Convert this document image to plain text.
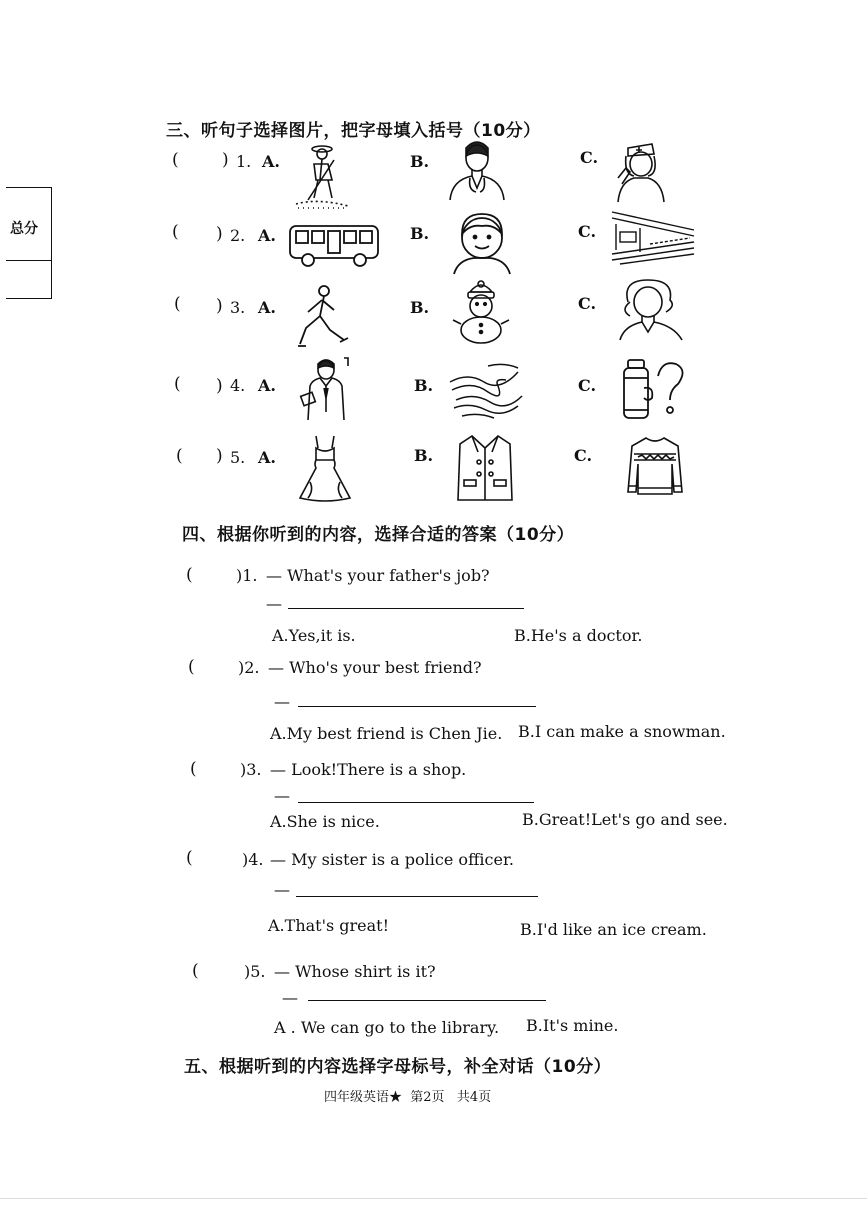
总分
三、听句子选择图片，把字母填入括号（10分）
(	) 1. A.	B.	C.
( ) 2. A.	B.	C.
( ) 3. A.	B.	C.
( ) 4. A.	B.	C.
( ) 5. A.	B.	C.
四、根据你听到的内容，选择合适的答案（10分）
(	)1. — What's your father's job?
—
A.Yes,it is.	B.He's a doctor.
(	)2. — Who's your best friend?
—
A.My best friend is Chen Jie. B.I can make a snowman.
(	)3. — Look!There is a shop.
—
A.She is nice.	B.Great!Let's go and see.
(	)4. — My sister is a police officer.
—
A.That's great!	B.I'd like an ice cream.
(	)5. — Whose shirt is it?
—
A . We can go to the library. B.It's mine.
五、根据听到的内容选择字母标号，补全对话（10分）
四年级英语★  第2页   共4页
